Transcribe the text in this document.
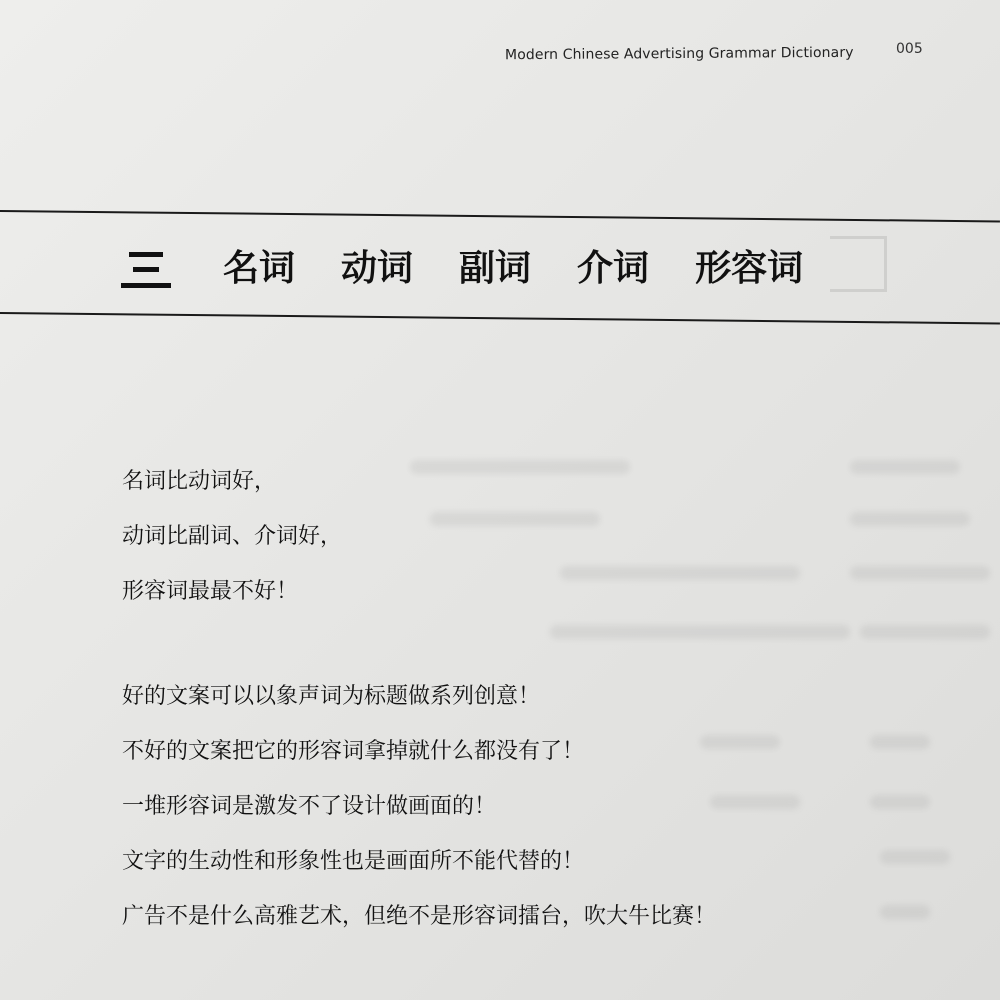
Modern Chinese Advertising Grammar Dictionary	005
名词 动词 副词 介词 形容词
名词比动词好，
动词比副词、介词好，
形容词最最不好！
好的文案可以以象声词为标题做系列创意！
不好的文案把它的形容词拿掉就什么都没有了！
一堆形容词是激发不了设计做画面的！
文字的生动性和形象性也是画面所不能代替的！
广告不是什么高雅艺术，但绝不是形容词擂台，吹大牛比赛！
